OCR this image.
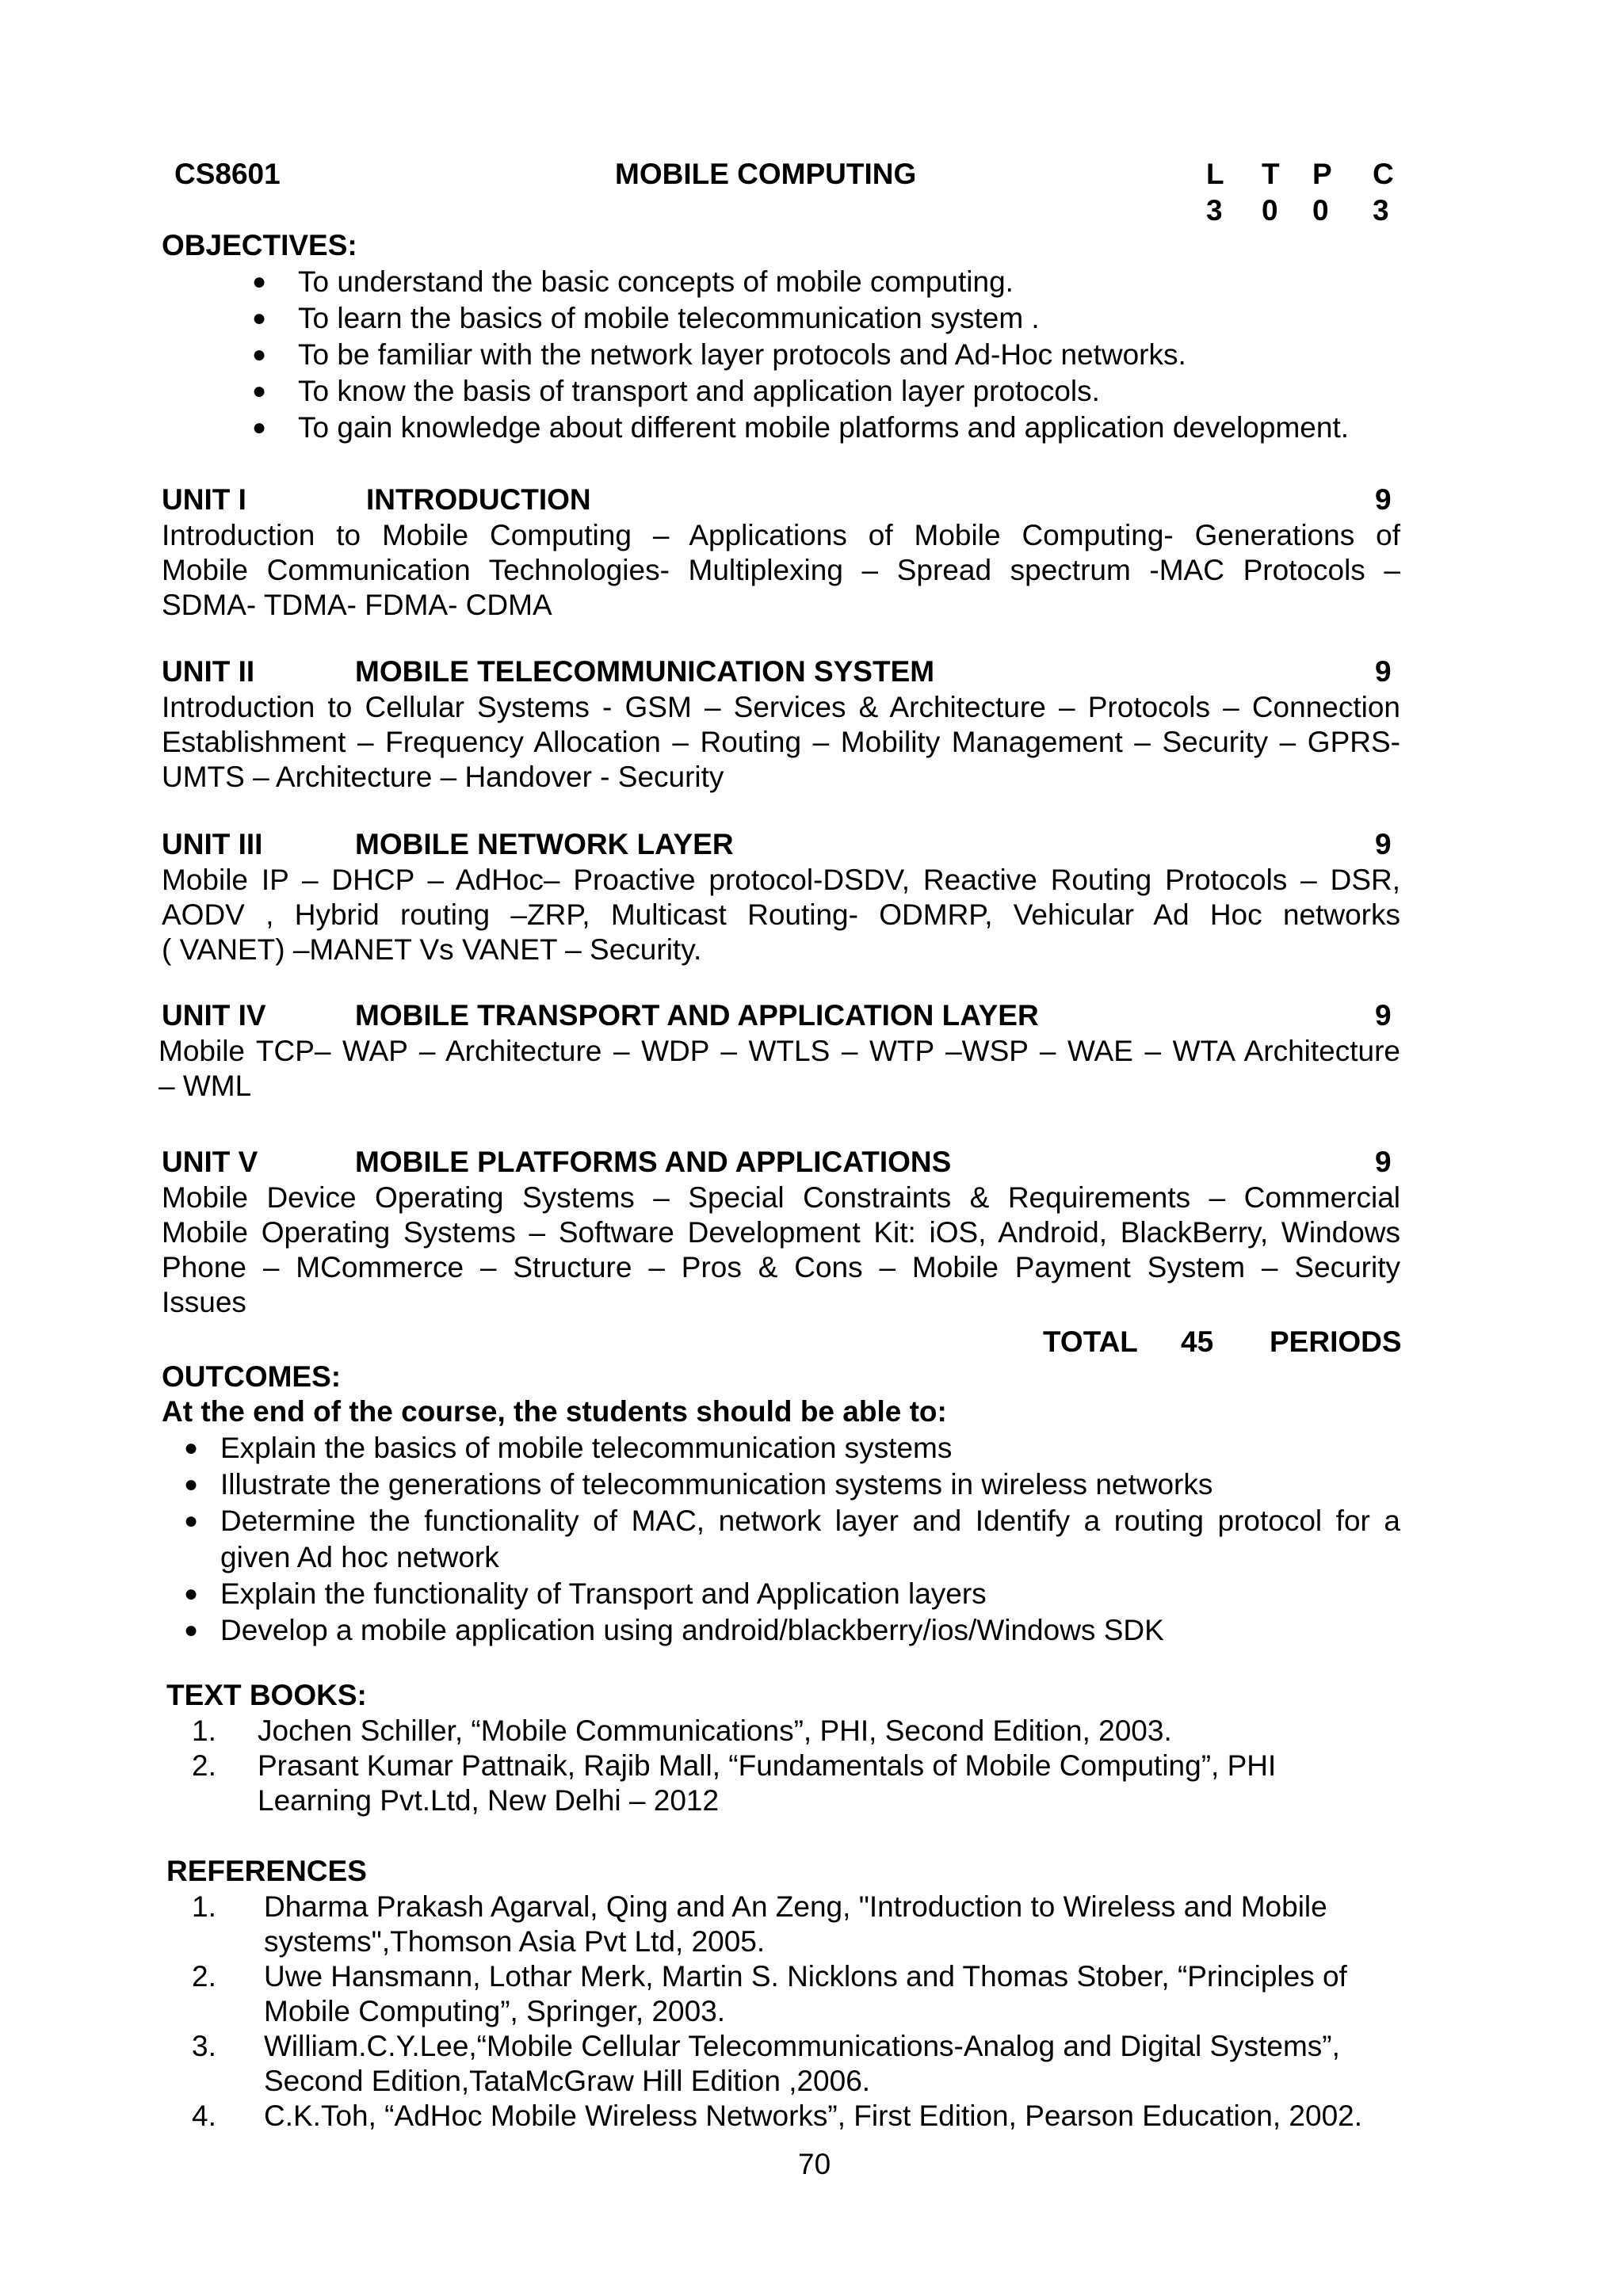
CS8601	MOBILE COMPUTING	L T P C
3 0 0 3
OBJECTIVES:
● To understand the basic concepts of mobile computing.
● To learn the basics of mobile telecommunication system .
● To be familiar with the network layer protocols and Ad-Hoc networks.
● To know the basis of transport and application layer protocols.
● To gain knowledge about different mobile platforms and application development.
UNIT I	INTRODUCTION	9
Introduction to Mobile Computing – Applications of Mobile Computing- Generations of
Mobile Communication Technologies- Multiplexing – Spread spectrum -MAC Protocols –
SDMA- TDMA- FDMA- CDMA
UNIT II	MOBILE TELECOMMUNICATION SYSTEM	9
Introduction to Cellular Systems - GSM – Services & Architecture – Protocols – Connection
Establishment – Frequency Allocation – Routing – Mobility Management – Security – GPRS-
UMTS – Architecture – Handover - Security
UNIT III	MOBILE NETWORK LAYER	9
Mobile IP – DHCP – AdHoc– Proactive protocol-DSDV, Reactive Routing Protocols – DSR,
AODV , Hybrid routing –ZRP, Multicast Routing- ODMRP, Vehicular Ad Hoc networks
( VANET) –MANET Vs VANET – Security.
UNIT IV	MOBILE TRANSPORT AND APPLICATION LAYER	9
Mobile TCP– WAP – Architecture – WDP – WTLS – WTP –WSP – WAE – WTA Architecture
– WML
UNIT V	MOBILE PLATFORMS AND APPLICATIONS	9
Mobile Device Operating Systems – Special Constraints & Requirements – Commercial
Mobile Operating Systems – Software Development Kit: iOS, Android, BlackBerry, Windows
Phone – MCommerce – Structure – Pros & Cons – Mobile Payment System – Security
Issues
TOTAL 45 PERIODS
OUTCOMES:
At the end of the course, the students should be able to:
● Explain the basics of mobile telecommunication systems
● Illustrate the generations of telecommunication systems in wireless networks
● Determine the functionality of MAC, network layer and Identify a routing protocol for a
given Ad hoc network
● Explain the functionality of Transport and Application layers
● Develop a mobile application using android/blackberry/ios/Windows SDK
TEXT BOOKS:
1. Jochen Schiller, “Mobile Communications”, PHI, Second Edition, 2003.
2. Prasant Kumar Pattnaik, Rajib Mall, “Fundamentals of Mobile Computing”, PHI
Learning Pvt.Ltd, New Delhi – 2012
REFERENCES
1. Dharma Prakash Agarval, Qing and An Zeng, "Introduction to Wireless and Mobile
systems",Thomson Asia Pvt Ltd, 2005.
2. Uwe Hansmann, Lothar Merk, Martin S. Nicklons and Thomas Stober, “Principles of
Mobile Computing”, Springer, 2003.
3. William.C.Y.Lee,“Mobile Cellular Telecommunications-Analog and Digital Systems”,
Second Edition,TataMcGraw Hill Edition ,2006.
4. C.K.Toh, “AdHoc Mobile Wireless Networks”, First Edition, Pearson Education, 2002.
70
